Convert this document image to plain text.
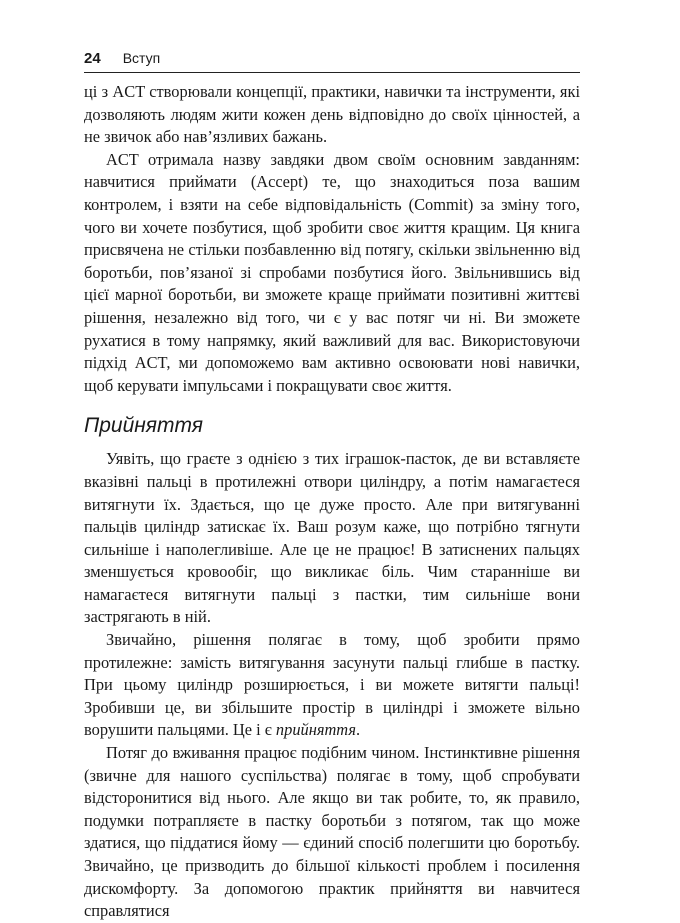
24 Вступ

ці з ACT створювали концепції, практики, навички та інструменти, які дозволяють людям жити кожен день відповідно до своїх цінностей, а не звичок або нав’язливих бажань.

ACT отримала назву завдяки двом своїм основним завданням: навчитися приймати (Accept) те, що знаходиться поза вашим контролем, і взяти на себе відповідальність (Commit) за зміну того, чого ви хочете позбутися, щоб зробити своє життя кращим. Ця книга присвячена не стільки позбавленню від потягу, скільки звільненню від боротьби, пов’язаної зі спробами позбутися його. Звільнившись від цієї марної боротьби, ви зможете краще приймати позитивні життєві рішення, незалежно від того, чи є у вас потяг чи ні. Ви зможете рухатися в тому напрямку, який важливий для вас. Використовуючи підхід ACT, ми допоможемо вам активно освоювати нові навички, щоб керувати імпульсами і покращувати своє життя.

Прийняття

Уявіть, що граєте з однією з тих іграшок-пасток, де ви вставляєте вказівні пальці в протилежні отвори циліндру, а потім намагаєтеся витягнути їх. Здається, що це дуже просто. Але при витягуванні пальців циліндр затискає їх. Ваш розум каже, що потрібно тягнути сильніше і наполегливіше. Але це не працює! В затиснених пальцях зменшується кровообіг, що викликає біль. Чим старанніше ви намагаєтеся витягнути пальці з пастки, тим сильніше вони застрягають в ній.

Звичайно, рішення полягає в тому, щоб зробити прямо протилежне: замість витягування засунути пальці глибше в пастку. При цьому циліндр розширюється, і ви можете витягти пальці! Зробивши це, ви збільшите простір в циліндрі і зможете вільно ворушити пальцями. Це і є прийняття.

Потяг до вживання працює подібним чином. Інстинктивне рішення (звичне для нашого суспільства) полягає в тому, щоб спробувати відсторонитися від нього. Але якщо ви так робите, то, як правило, подумки потрапляєте в пастку боротьби з потягом, так що може здатися, що піддатися йому — єдиний спосіб полегшити цю боротьбу. Звичайно, це призводить до більшої кількості проблем і посилення дискомфорту. За допомогою практик прийняття ви навчитеся справлятися
